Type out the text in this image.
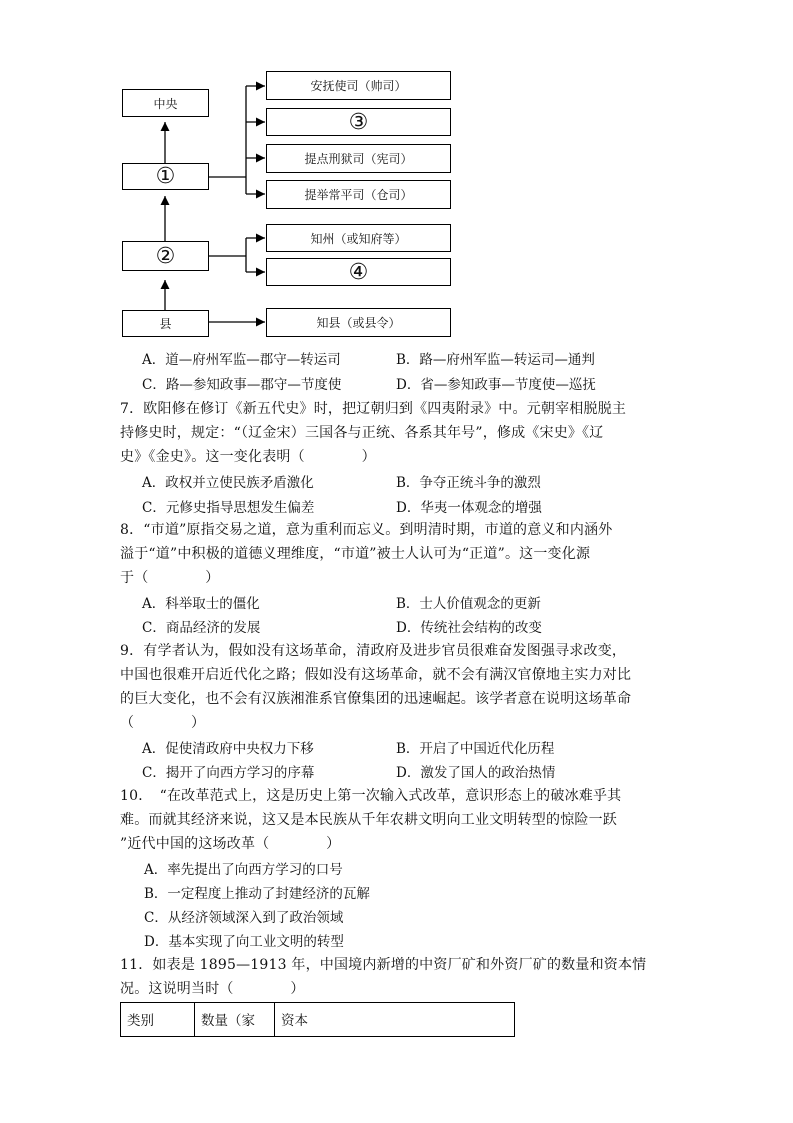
中央
①
②
县
安抚使司（帅司）
③
提点刑狱司（宪司）
提举常平司（仓司）
知州（或知府等）
④
知县（或县令）
A．道—府州军监—郡守—转运司	B．路—府州军监—转运司—通判
C．路—参知政事—郡守—节度使	D．省—参知政事—节度使—巡抚
7．欧阳修在修订《新五代史》时，把辽朝归到《四夷附录》中。元朝宰相脱脱主
持修史时，规定：“（辽金宋）三国各与正统、各系其年号”，修成《宋史》《辽
史》《金史》。这一变化表明（　　　　）
A．政权并立使民族矛盾激化	B．争夺正统斗争的激烈
C．元修史指导思想发生偏差	D．华夷一体观念的增强
8．“市道”原指交易之道，意为重利而忘义。到明清时期，市道的意义和内涵外
溢于“道”中积极的道德义理维度，“市道”被士人认可为“正道”。这一变化源
于（　　　　）
A．科举取士的僵化	B．士人价值观念的更新
C．商品经济的发展	D．传统社会结构的改变
9．有学者认为，假如没有这场革命，清政府及进步官员很难奋发图强寻求改变，
中国也很难开启近代化之路；假如没有这场革命，就不会有满汉官僚地主实力对比
的巨大变化，也不会有汉族湘淮系官僚集团的迅速崛起。该学者意在说明这场革命
（　　　　）
A．促使清政府中央权力下移	B．开启了中国近代化历程
C．揭开了向西方学习的序幕	D．激发了国人的政治热情
10．　“在改革范式上，这是历史上第一次输入式改革，意识形态上的破冰难乎其
难。而就其经济来说，这又是本民族从千年农耕文明向工业文明转型的惊险一跃
”近代中国的这场改革（　　　　）
A．率先提出了向西方学习的口号
B．一定程度上推动了封建经济的瓦解
C．从经济领域深入到了政治领域
D．基本实现了向工业文明的转型
11．如表是 1895—1913 年，中国境内新增的中资厂矿和外资厂矿的数量和资本情
况。这说明当时（　　　　）
类别	数量（家	资本
